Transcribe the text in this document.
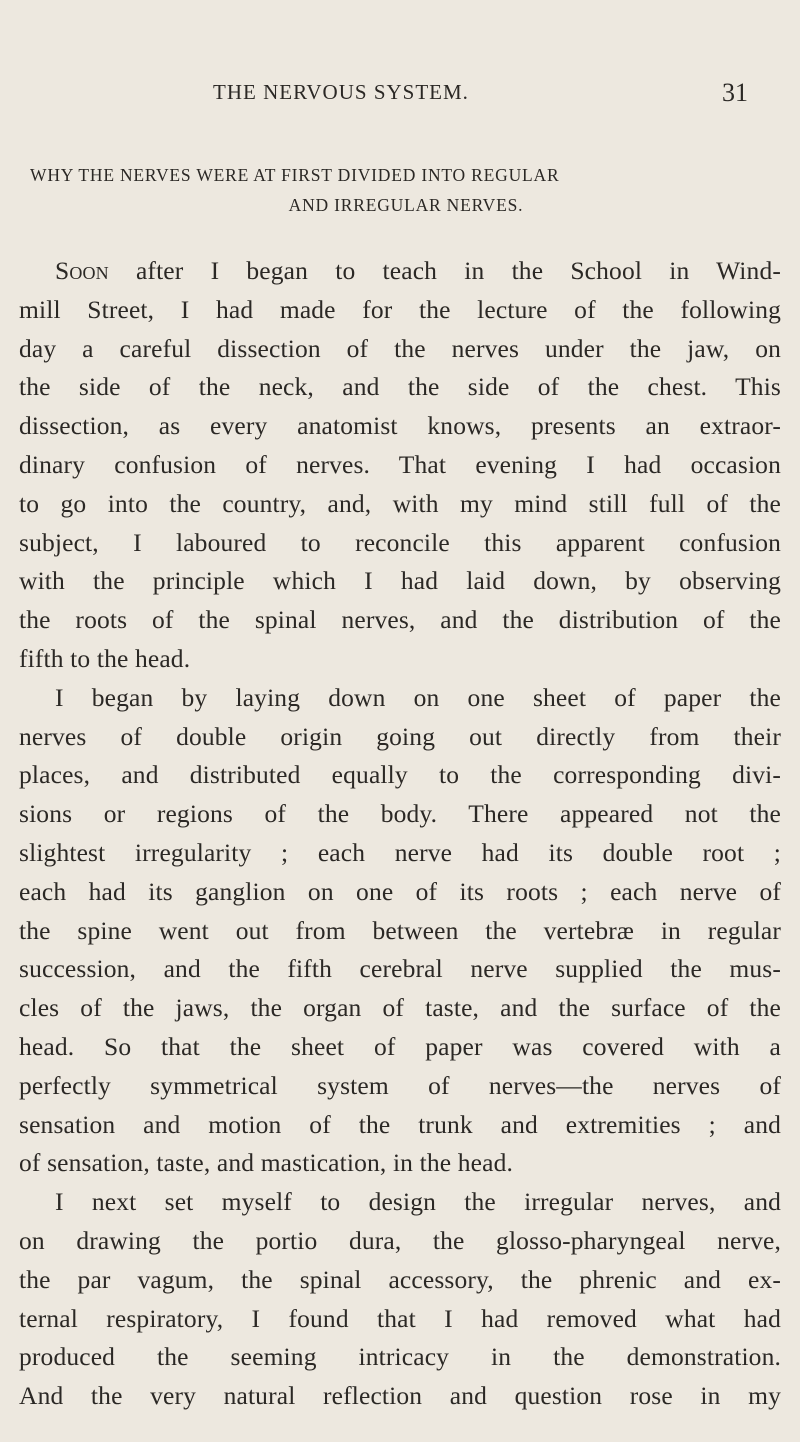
THE NERVOUS SYSTEM.	31
WHY THE NERVES WERE AT FIRST DIVIDED INTO REGULAR
AND IRREGULAR NERVES.
Soon after I began to teach in the School in Wind-
mill Street, I had made for the lecture of the following
day a careful dissection of the nerves under the jaw, on
the side of the neck, and the side of the chest. This
dissection, as every anatomist knows, presents an extraor-
dinary confusion of nerves. That evening I had occasion
to go into the country, and, with my mind still full of the
subject, I laboured to reconcile this apparent confusion
with the principle which I had laid down, by observing
the roots of the spinal nerves, and the distribution of the
fifth to the head.
I began by laying down on one sheet of paper the
nerves of double origin going out directly from their
places, and distributed equally to the corresponding divi-
sions or regions of the body. There appeared not the
slightest irregularity ; each nerve had its double root ;
each had its ganglion on one of its roots ; each nerve of
the spine went out from between the vertebræ in regular
succession, and the fifth cerebral nerve supplied the mus-
cles of the jaws, the organ of taste, and the surface of the
head. So that the sheet of paper was covered with a
perfectly symmetrical system of nerves—the nerves of
sensation and motion of the trunk and extremities ; and
of sensation, taste, and mastication, in the head.
I next set myself to design the irregular nerves, and
on drawing the portio dura, the glosso-pharyngeal nerve,
the par vagum, the spinal accessory, the phrenic and ex-
ternal respiratory, I found that I had removed what had
produced the seeming intricacy in the demonstration.
And the very natural reflection and question rose in my
